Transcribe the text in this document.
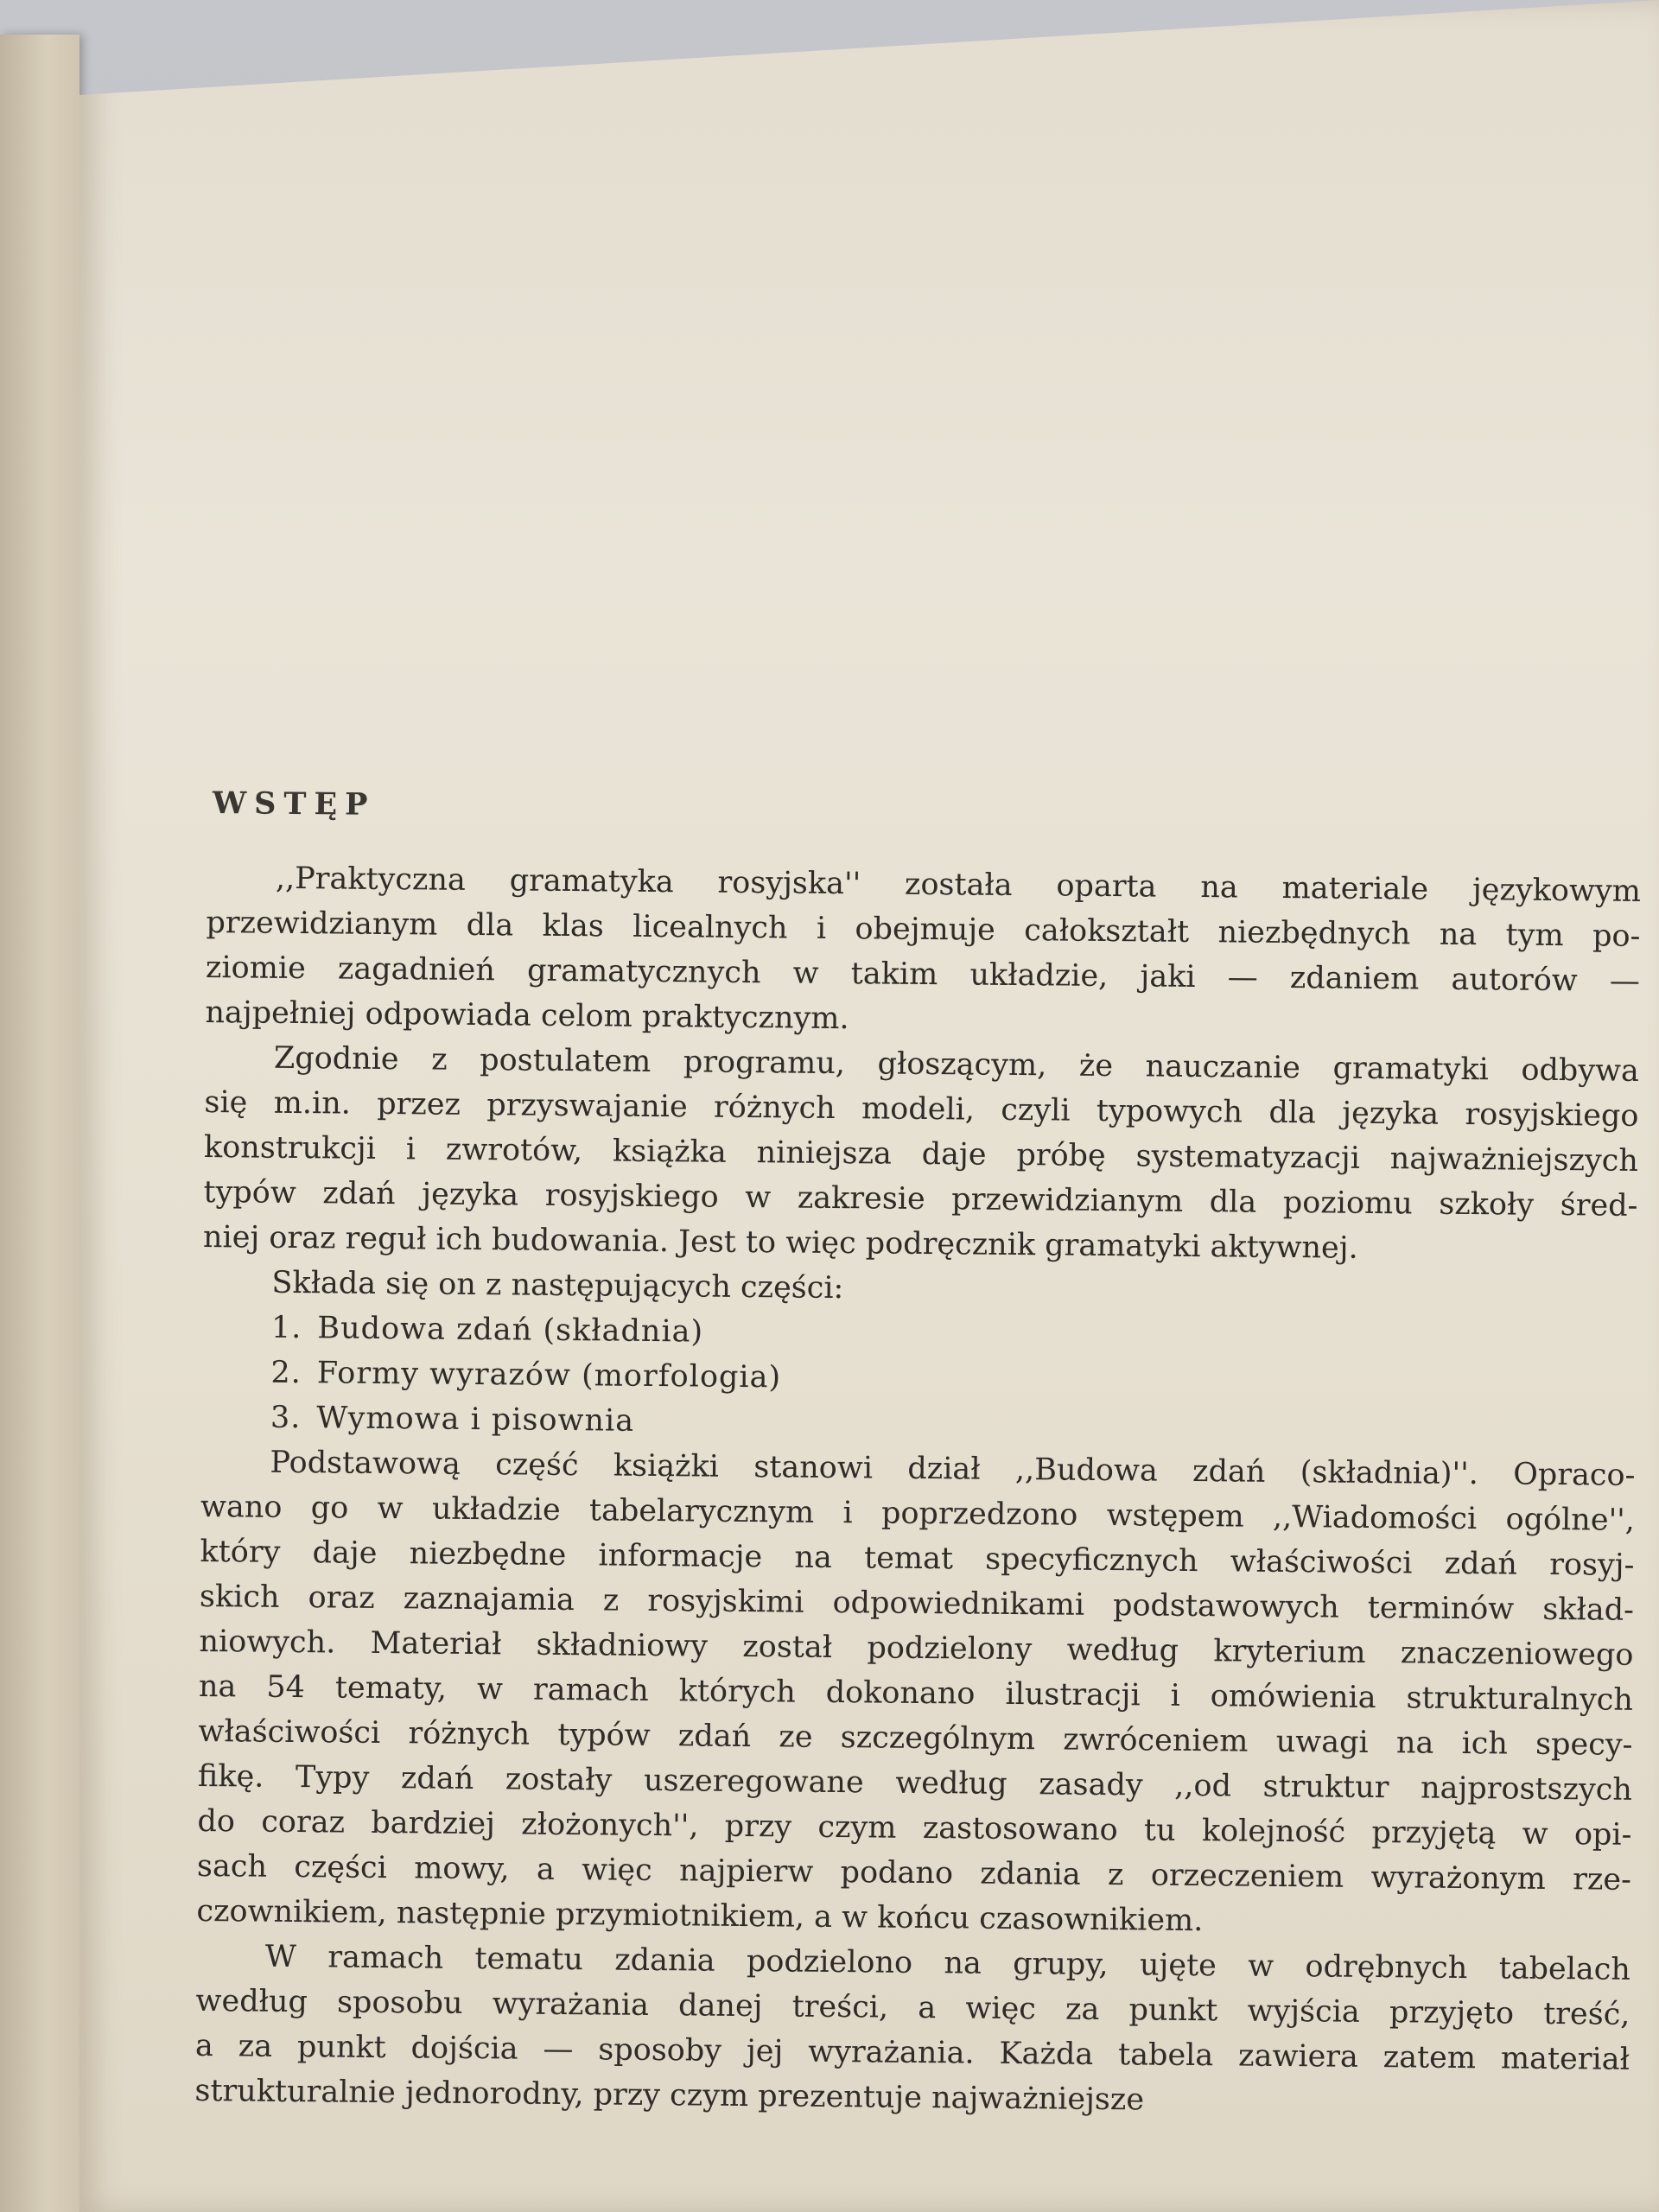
WSTĘP
,,Praktyczna gramatyka rosyjska'' została oparta na materiale językowym
przewidzianym dla klas licealnych i obejmuje całokształt niezbędnych na tym po-
ziomie zagadnień gramatycznych w takim układzie, jaki — zdaniem autorów —
najpełniej odpowiada celom praktycznym.
Zgodnie z postulatem programu, głoszącym, że nauczanie gramatyki odbywa
się m.in. przez przyswajanie różnych modeli, czyli typowych dla języka rosyjskiego
konstrukcji i zwrotów, książka niniejsza daje próbę systematyzacji najważniejszych
typów zdań języka rosyjskiego w zakresie przewidzianym dla poziomu szkoły śred-
niej oraz reguł ich budowania. Jest to więc podręcznik gramatyki aktywnej.
Składa się on z następujących części:
1. Budowa zdań (składnia)
2. Formy wyrazów (morfologia)
3. Wymowa i pisownia
Podstawową część książki stanowi dział ,,Budowa zdań (składnia)''. Opraco-
wano go w układzie tabelarycznym i poprzedzono wstępem ,,Wiadomości ogólne'',
który daje niezbędne informacje na temat specyficznych właściwości zdań rosyj-
skich oraz zaznajamia z rosyjskimi odpowiednikami podstawowych terminów skład-
niowych. Materiał składniowy został podzielony według kryterium znaczeniowego
na 54 tematy, w ramach których dokonano ilustracji i omówienia strukturalnych
właściwości różnych typów zdań ze szczególnym zwróceniem uwagi na ich specy-
fikę. Typy zdań zostały uszeregowane według zasady ,,od struktur najprostszych
do coraz bardziej złożonych'', przy czym zastosowano tu kolejność przyjętą w opi-
sach części mowy, a więc najpierw podano zdania z orzeczeniem wyrażonym rze-
czownikiem, następnie przymiotnikiem, a w końcu czasownikiem.
W ramach tematu zdania podzielono na grupy, ujęte w odrębnych tabelach
według sposobu wyrażania danej treści, a więc za punkt wyjścia przyjęto treść,
a za punkt dojścia — sposoby jej wyrażania. Każda tabela zawiera zatem materiał
strukturalnie jednorodny, przy czym prezentuje najważniejsze
